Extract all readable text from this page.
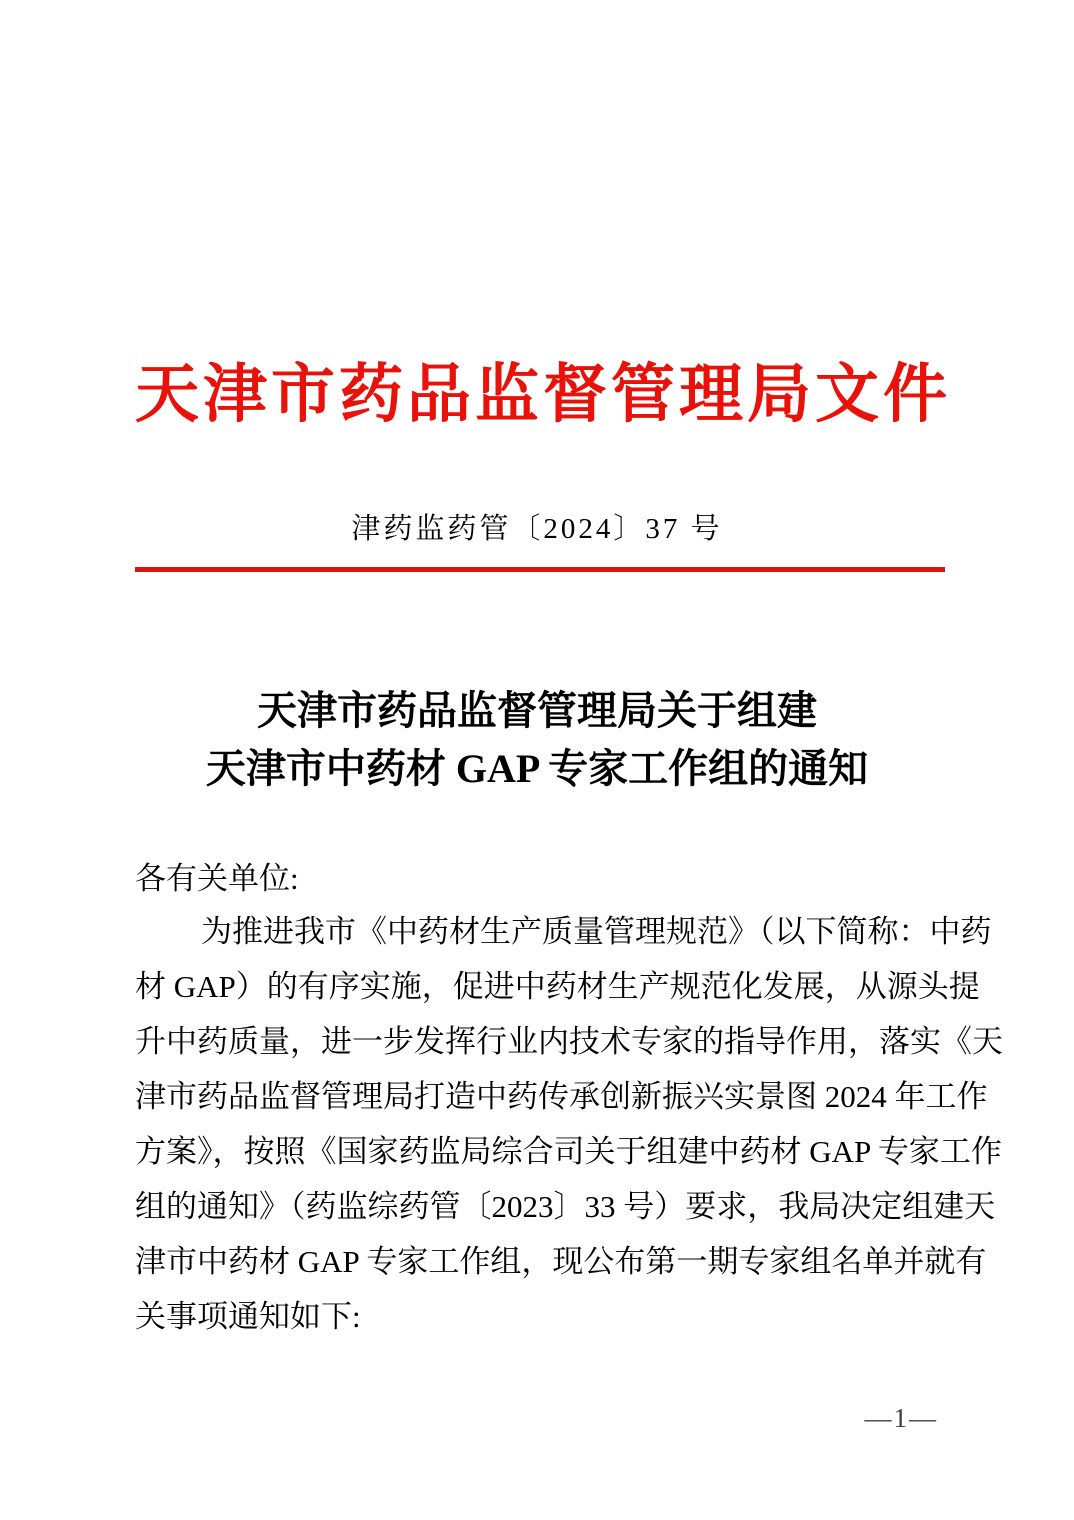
天津市药品监督管理局文件
津药监药管〔2024〕37 号
天津市药品监督管理局关于组建
天津市中药材 GAP 专家工作组的通知
各有关单位:
为推进我市《中药材生产质量管理规范》（以下简称：中药
材 GAP）的有序实施，促进中药材生产规范化发展，从源头提
升中药质量，进一步发挥行业内技术专家的指导作用，落实《天
津市药品监督管理局打造中药传承创新振兴实景图 2024 年工作
方案》，按照《国家药监局综合司关于组建中药材 GAP 专家工作
组的通知》（药监综药管〔2023〕33 号）要求，我局决定组建天
津市中药材 GAP 专家工作组，现公布第一期专家组名单并就有
关事项通知如下:
—1—
